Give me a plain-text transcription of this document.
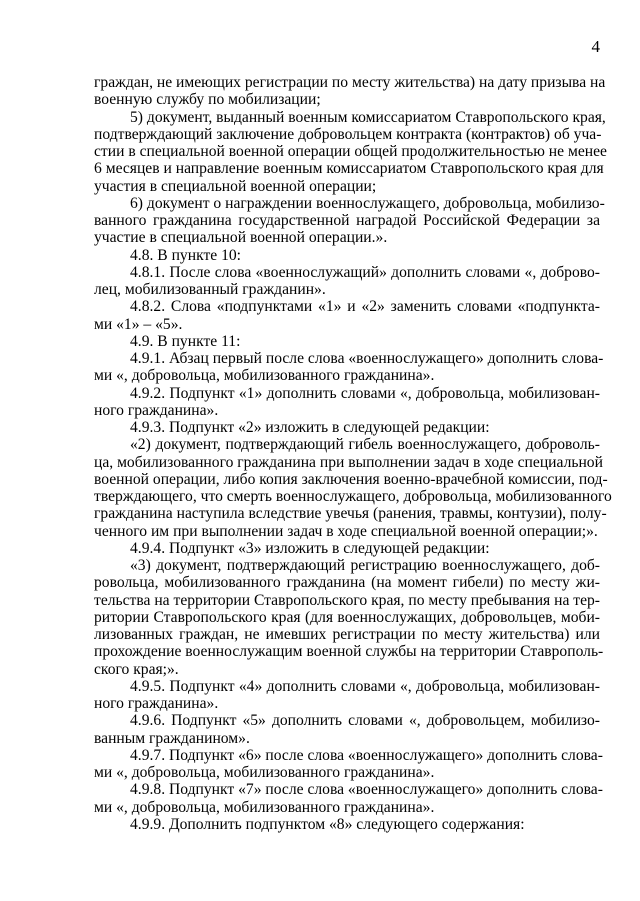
4
граждан, не имеющих регистрации по месту жительства) на дату призыва на
военную службу по мобилизации;
5) документ, выданный военным комиссариатом Ставропольского края,
подтверждающий заключение добровольцем контракта (контрактов) об уча-
стии в специальной военной операции общей продолжительностью не менее
6 месяцев и направление военным комиссариатом Ставропольского края для
участия в специальной военной операции;
6) документ о награждении военнослужащего, добровольца, мобилизо-
ванного гражданина государственной наградой Российской Федерации за
участие в специальной военной операции.».
4.8. В пункте 10:
4.8.1. После слова «военнослужащий» дополнить словами «, доброво-
лец, мобилизованный гражданин».
4.8.2. Слова «подпунктами «1» и «2» заменить словами «подпункта-
ми «1» – «5».
4.9. В пункте 11:
4.9.1. Абзац первый после слова «военнослужащего» дополнить слова-
ми «, добровольца, мобилизованного гражданина».
4.9.2. Подпункт «1» дополнить словами «, добровольца, мобилизован-
ного гражданина».
4.9.3. Подпункт «2» изложить в следующей редакции:
«2) документ, подтверждающий гибель военнослужащего, доброволь-
ца, мобилизованного гражданина при выполнении задач в ходе специальной
военной операции, либо копия заключения военно-врачебной комиссии, под-
тверждающего, что смерть военнослужащего, добровольца, мобилизованного
гражданина наступила вследствие увечья (ранения, травмы, контузии), полу-
ченного им при выполнении задач в ходе специальной военной операции;».
4.9.4. Подпункт «3» изложить в следующей редакции:
«3) документ, подтверждающий регистрацию военнослужащего, доб-
ровольца, мобилизованного гражданина (на момент гибели) по месту жи-
тельства на территории Ставропольского края, по месту пребывания на тер-
ритории Ставропольского края (для военнослужащих, добровольцев, моби-
лизованных граждан, не имевших регистрации по месту жительства) или
прохождение военнослужащим военной службы на территории Ставрополь-
ского края;».
4.9.5. Подпункт «4» дополнить словами «, добровольца, мобилизован-
ного гражданина».
4.9.6. Подпункт «5» дополнить словами «, добровольцем, мобилизо-
ванным гражданином».
4.9.7. Подпункт «6» после слова «военнослужащего» дополнить слова-
ми «, добровольца, мобилизованного гражданина».
4.9.8. Подпункт «7» после слова «военнослужащего» дополнить слова-
ми «, добровольца, мобилизованного гражданина».
4.9.9. Дополнить подпунктом «8» следующего содержания:
